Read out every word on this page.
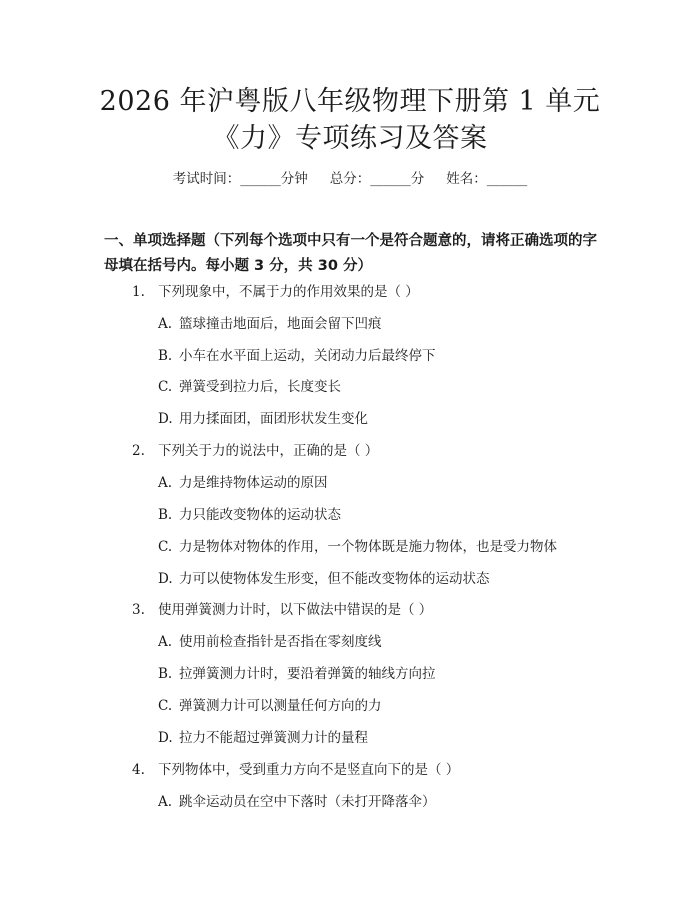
2026 年沪粤版八年级物理下册第 1 单元
《力》专项练习及答案
考试时间：______分钟 总分：______分 姓名：______
一、单项选择题（下列每个选项中只有一个是符合题意的，请将正确选项的字母填在括号内。每小题 3 分，共 30 分）
1. 下列现象中，不属于力的作用效果的是（ ）
A. 篮球撞击地面后，地面会留下凹痕
B. 小车在水平面上运动，关闭动力后最终停下
C. 弹簧受到拉力后，长度变长
D. 用力揉面团，面团形状发生变化
2. 下列关于力的说法中，正确的是（ ）
A. 力是维持物体运动的原因
B. 力只能改变物体的运动状态
C. 力是物体对物体的作用，一个物体既是施力物体，也是受力物体
D. 力可以使物体发生形变，但不能改变物体的运动状态
3. 使用弹簧测力计时，以下做法中错误的是（ ）
A. 使用前检查指针是否指在零刻度线
B. 拉弹簧测力计时，要沿着弹簧的轴线方向拉
C. 弹簧测力计可以测量任何方向的力
D. 拉力不能超过弹簧测力计的量程
4. 下列物体中，受到重力方向不是竖直向下的是（ ）
A. 跳伞运动员在空中下落时（未打开降落伞）
